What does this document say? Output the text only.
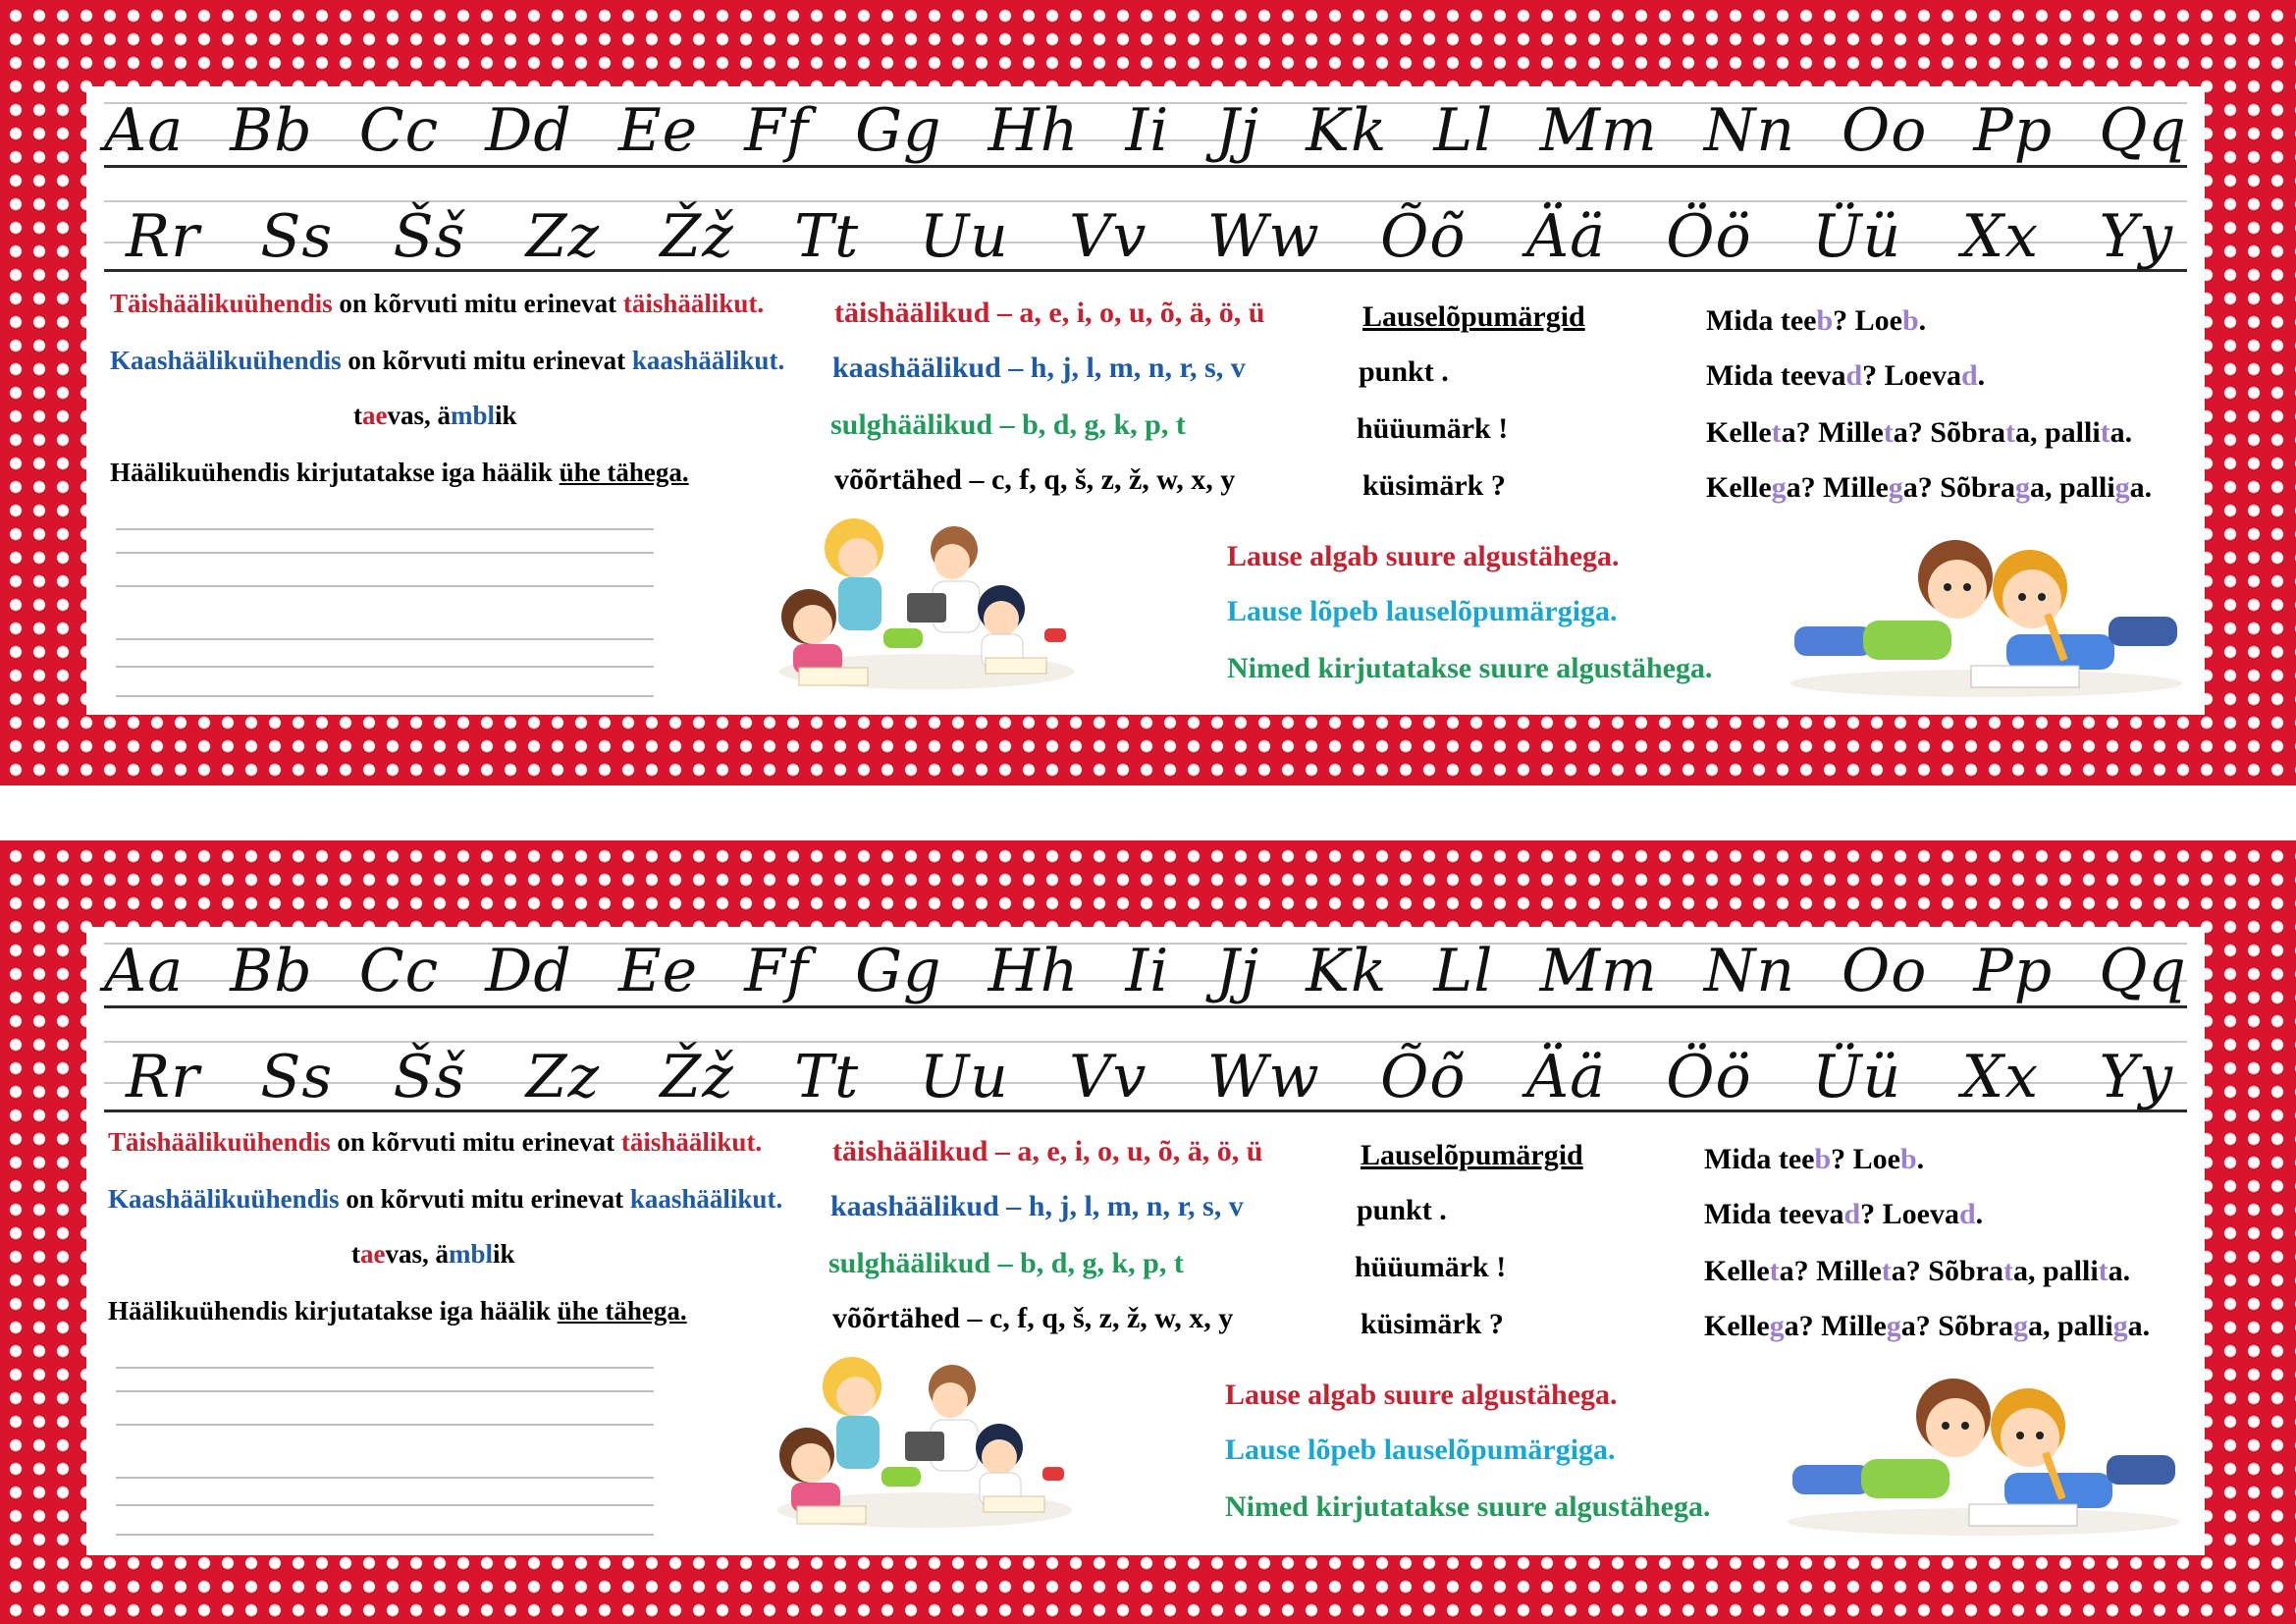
Aa Bb Cc Dd Ee Ff Gg Hh Ii Jj Kk Ll Mm Nn Oo Pp Qq
Rr Ss Šš Zz Žž Tt Uu Vv Ww Õõ Ää Öö Üü Xx Yy
Täishäälikuühendis on kõrvuti mitu erinevat täishäälikut.
Kaashäälikuühendis on kõrvuti mitu erinevat kaashäälikut.
taevas, ämblik
Häälikuühendis kirjutatakse iga häälik ühe tähega.
täishäälikud – a, e, i, o, u, õ, ä, ö, ü
kaashäälikud – h, j, l, m, n, r, s, v
sulghäälikud – b, d, g, k, p, t
võõrtähed – c, f, q, š, z, ž, w, x, y
Lauselõpumärgid
punkt .
hüüumärk !
küsimärk ?
Mida teeb? Loeb.
Mida teevad? Loevad.
Kelleta? Milleta? Sõbrata, pallita.
Kellega? Millega? Sõbraga, palliga.
Lause algab suure algustähega.
Lause lõpeb lauselõpumärgiga.
Nimed kirjutatakse suure algustähega.
Aa Bb Cc Dd Ee Ff Gg Hh Ii Jj Kk Ll Mm Nn Oo Pp Qq
Rr Ss Šš Zz Žž Tt Uu Vv Ww Õõ Ää Öö Üü Xx Yy
Täishäälikuühendis on kõrvuti mitu erinevat täishäälikut.
Kaashäälikuühendis on kõrvuti mitu erinevat kaashäälikut.
taevas, ämblik
Häälikuühendis kirjutatakse iga häälik ühe tähega.
täishäälikud – a, e, i, o, u, õ, ä, ö, ü
kaashäälikud – h, j, l, m, n, r, s, v
sulghäälikud – b, d, g, k, p, t
võõrtähed – c, f, q, š, z, ž, w, x, y
Lauselõpumärgid
punkt .
hüüumärk !
küsimärk ?
Mida teeb? Loeb.
Mida teevad? Loevad.
Kelleta? Milleta? Sõbrata, pallita.
Kellega? Millega? Sõbraga, palliga.
Lause algab suure algustähega.
Lause lõpeb lauselõpumärgiga.
Nimed kirjutatakse suure algustähega.
